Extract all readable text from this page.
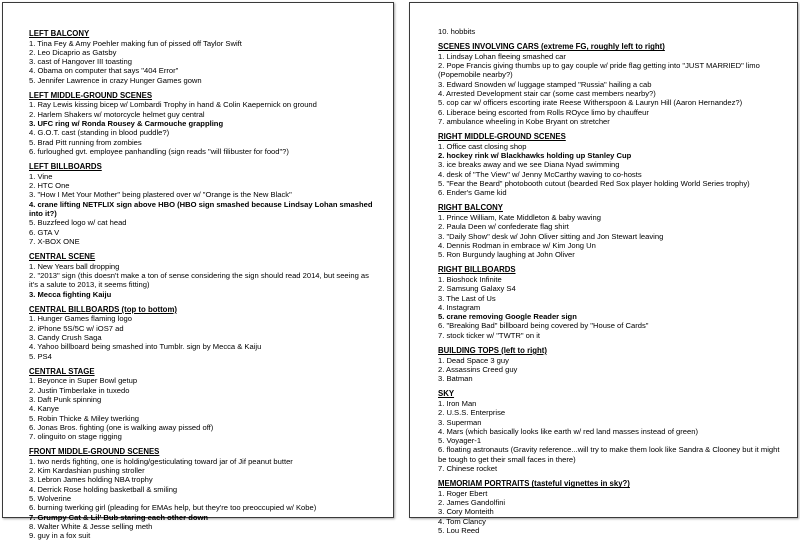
LEFT BALCONY
1. Tina Fey & Amy Poehler making fun of pissed off Taylor Swift
2. Leo Dicaprio as Gatsby
3. cast of Hangover III toasting
4. Obama on computer that says "404 Error"
5. Jennifer Lawrence in crazy Hunger Games gown
LEFT MIDDLE-GROUND SCENES
1. Ray Lewis kissing bicep w/ Lombardi Trophy in hand & Colin Kaepernick on ground
2. Harlem Shakers w/ motorcycle helmet guy central
3. UFC ring w/ Ronda Rousey & Carmouche grappling
4. G.O.T. cast (standing in blood puddle?)
5. Brad Pitt running from zombies
6. furloughed gvt. employee panhandling (sign reads "will filibuster for food"?)
LEFT BILLBOARDS
1. Vine
2. HTC One
3. "How I Met Your Mother" being plastered over w/ "Orange is the New Black"
4. crane lifting NETFLIX sign above HBO (HBO sign smashed because Lindsay Lohan smashed into it?)
5. Buzzfeed logo w/ cat head
6. GTA V
7. X-BOX ONE
CENTRAL SCENE
1. New Years ball dropping
2. "2013" sign (this doesn't make a ton of sense considering the sign should read 2014, but seeing as it's a salute to 2013, it seems fitting)
3. Mecca fighting Kaiju
CENTRAL BILLBOARDS (top to bottom)
1. Hunger Games flaming logo
2. iPhone 5S/5C w/ iOS7 ad
3. Candy Crush Saga
4. Yahoo billboard being smashed into Tumblr. sign by Mecca & Kaiju
5. PS4
CENTRAL STAGE
1. Beyonce in Super Bowl getup
2. Justin Timberlake in tuxedo
3. Daft Punk spinning
4. Kanye
5. Robin Thicke & Miley twerking
6. Jonas Bros. fighting (one is walking away pissed off)
7. olinguito on stage rigging
FRONT MIDDLE-GROUND SCENES
1. two nerds fighting, one is holding/gesticulating toward jar of Jif peanut butter
2. Kim Kardashian pushing stroller
3. Lebron James holding NBA trophy
4. Derrick Rose holding basketball & smiling
5. Wolverine
6. burning twerking girl (pleading for EMAs help, but they're too preoccupied w/ Kobe)
7. Grumpy Cat & Lil' Bub staring each other down
8. Walter White & Jesse selling meth
9. guy in a fox suit
10. hobbits
SCENES INVOLVING CARS (extreme FG, roughly left to right)
1. Lindsay Lohan fleeing smashed car
2. Pope Francis giving thumbs up to gay couple w/ pride flag getting into "JUST MARRIED" limo (Popemobile nearby?)
3. Edward Snowden w/ luggage stamped "Russia" hailing a cab
4. Arrested Development stair car (some cast members nearby?)
5. cop car w/ officers escorting irate Reese Witherspoon & Lauryn Hill (Aaron Hernandez?)
6. Liberace being escorted from Rolls ROyce limo by chauffeur
7. ambulance wheeling in Kobe Bryant on stretcher
RIGHT MIDDLE-GROUND SCENES
1. Office cast closing shop
2. hockey rink w/ Blackhawks holding up Stanley Cup
3. ice breaks away and we see Diana Nyad swimming
4. desk of "The View" w/ Jenny McCarthy waving to co-hosts
5. "Fear the Beard" photobooth cutout (bearded Red Sox player holding World Series trophy)
6. Ender's Game kid
RIGHT BALCONY
1. Prince William, Kate Middleton & baby waving
2. Paula Deen w/ confederate flag shirt
3. "Daily Show" desk w/ John Oliver sitting and Jon Stewart leaving
4. Dennis Rodman in embrace w/ Kim Jong Un
5. Ron Burgundy laughing at John Oliver
RIGHT BILLBOARDS
1. Bioshock Infinite
2. Samsung Galaxy S4
3. The Last of Us
4. Instagram
5. crane removing Google Reader sign
6. "Breaking Bad" billboard being covered by "House of Cards"
7. stock ticker w/ "TWTR" on it
BUILDING TOPS (left to right)
1. Dead Space 3 guy
2. Assassins Creed guy
3. Batman
SKY
1. Iron Man
2. U.S.S. Enterprise
3. Superman
4. Mars (which basically looks like earth w/ red land masses instead of green)
5. Voyager-1
6. floating astronauts (Gravity reference...will try to make them look like Sandra & Clooney but it might be tough to get their small faces in there)
7. Chinese rocket
MEMORIAM PORTRAITS (tasteful vignettes in sky?)
1. Roger Ebert
2. James Gandolfini
3. Cory Monteith
4. Tom Clancy
5. Lou Reed
